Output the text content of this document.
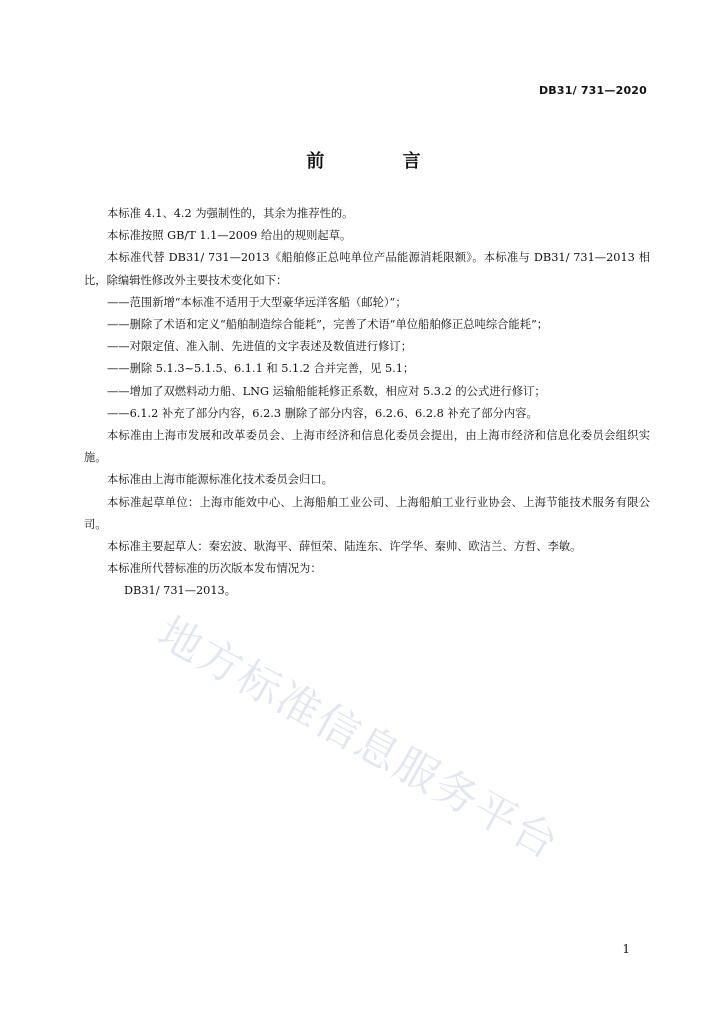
DB31/ 731—2020
前 言

本标准 4.1、4.2 为强制性的，其余为推荐性的。

本标准按照 GB/T 1.1—2009 给出的规则起草。

本标准代替 DB31/ 731—2013《船舶修正总吨单位产品能源消耗限额》。本标准与 DB31/ 731—2013 相比，除编辑性修改外主要技术变化如下：

——范围新增“本标准不适用于大型豪华远洋客船（邮轮）”；

——删除了术语和定义“船舶制造综合能耗”，完善了术语“单位船舶修正总吨综合能耗”；

——对限定值、准入制、先进值的文字表述及数值进行修订；

——删除 5.1.3~5.1.5、6.1.1 和 5.1.2 合并完善，见 5.1；

——增加了双燃料动力船、LNG 运输船能耗修正系数，相应对 5.3.2 的公式进行修订；

——6.1.2 补充了部分内容，6.2.3 删除了部分内容，6.2.6、6.2.8 补充了部分内容。

本标准由上海市发展和改革委员会、上海市经济和信息化委员会提出，由上海市经济和信息化委员会组织实施。

本标准由上海市能源标准化技术委员会归口。

本标准起草单位：上海市能效中心、上海船舶工业公司、上海船舶工业行业协会、上海节能技术服务有限公司。

本标准主要起草人：秦宏波、耿海平、薛恒荣、陆连东、许学华、秦帅、欧洁兰、方哲、李敏。

本标准所代替标准的历次版本发布情况为：

DB31/ 731—2013。

地方标准信息服务平台
1
